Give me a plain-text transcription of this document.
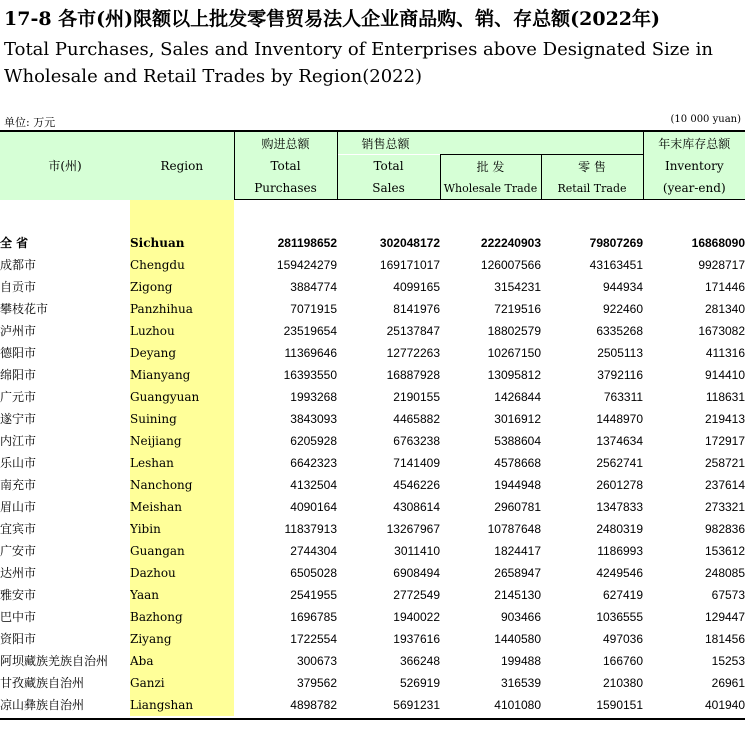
17-8 各市(州)限额以上批发零售贸易法人企业商品购、销、存总额(2022年)
Total Purchases, Sales and Inventory of Enterprises above Designated Size in
Wholesale and Retail Trades by Region(2022)
单位: 万元	(10 000 yuan)
市(州)	Region	购进总额	销售总额			年末库存总额
		Total	Total	批 发	零 售	Inventory
		Purchases	Sales	Wholesale Trade	Retail Trade	(year-end)

全 省	Sichuan	281198652	302048172	222240903	79807269	16868090
成都市	Chengdu	159424279	169171017	126007566	43163451	9928717
自贡市	Zigong	3884774	4099165	3154231	944934	171446
攀枝花市	Panzhihua	7071915	8141976	7219516	922460	281340
泸州市	Luzhou	23519654	25137847	18802579	6335268	1673082
德阳市	Deyang	11369646	12772263	10267150	2505113	411316
绵阳市	Mianyang	16393550	16887928	13095812	3792116	914410
广元市	Guangyuan	1993268	2190155	1426844	763311	118631
遂宁市	Suining	3843093	4465882	3016912	1448970	219413
内江市	Neijiang	6205928	6763238	5388604	1374634	172917
乐山市	Leshan	6642323	7141409	4578668	2562741	258721
南充市	Nanchong	4132504	4546226	1944948	2601278	237614
眉山市	Meishan	4090164	4308614	2960781	1347833	273321
宜宾市	Yibin	11837913	13267967	10787648	2480319	982836
广安市	Guangan	2744304	3011410	1824417	1186993	153612
达州市	Dazhou	6505028	6908494	2658947	4249546	248085
雅安市	Yaan	2541955	2772549	2145130	627419	67573
巴中市	Bazhong	1696785	1940022	903466	1036555	129447
资阳市	Ziyang	1722554	1937616	1440580	497036	181456
阿坝藏族羌族自治州	Aba	300673	366248	199488	166760	15253
甘孜藏族自治州	Ganzi	379562	526919	316539	210380	26961
凉山彝族自治州	Liangshan	4898782	5691231	4101080	1590151	401940
